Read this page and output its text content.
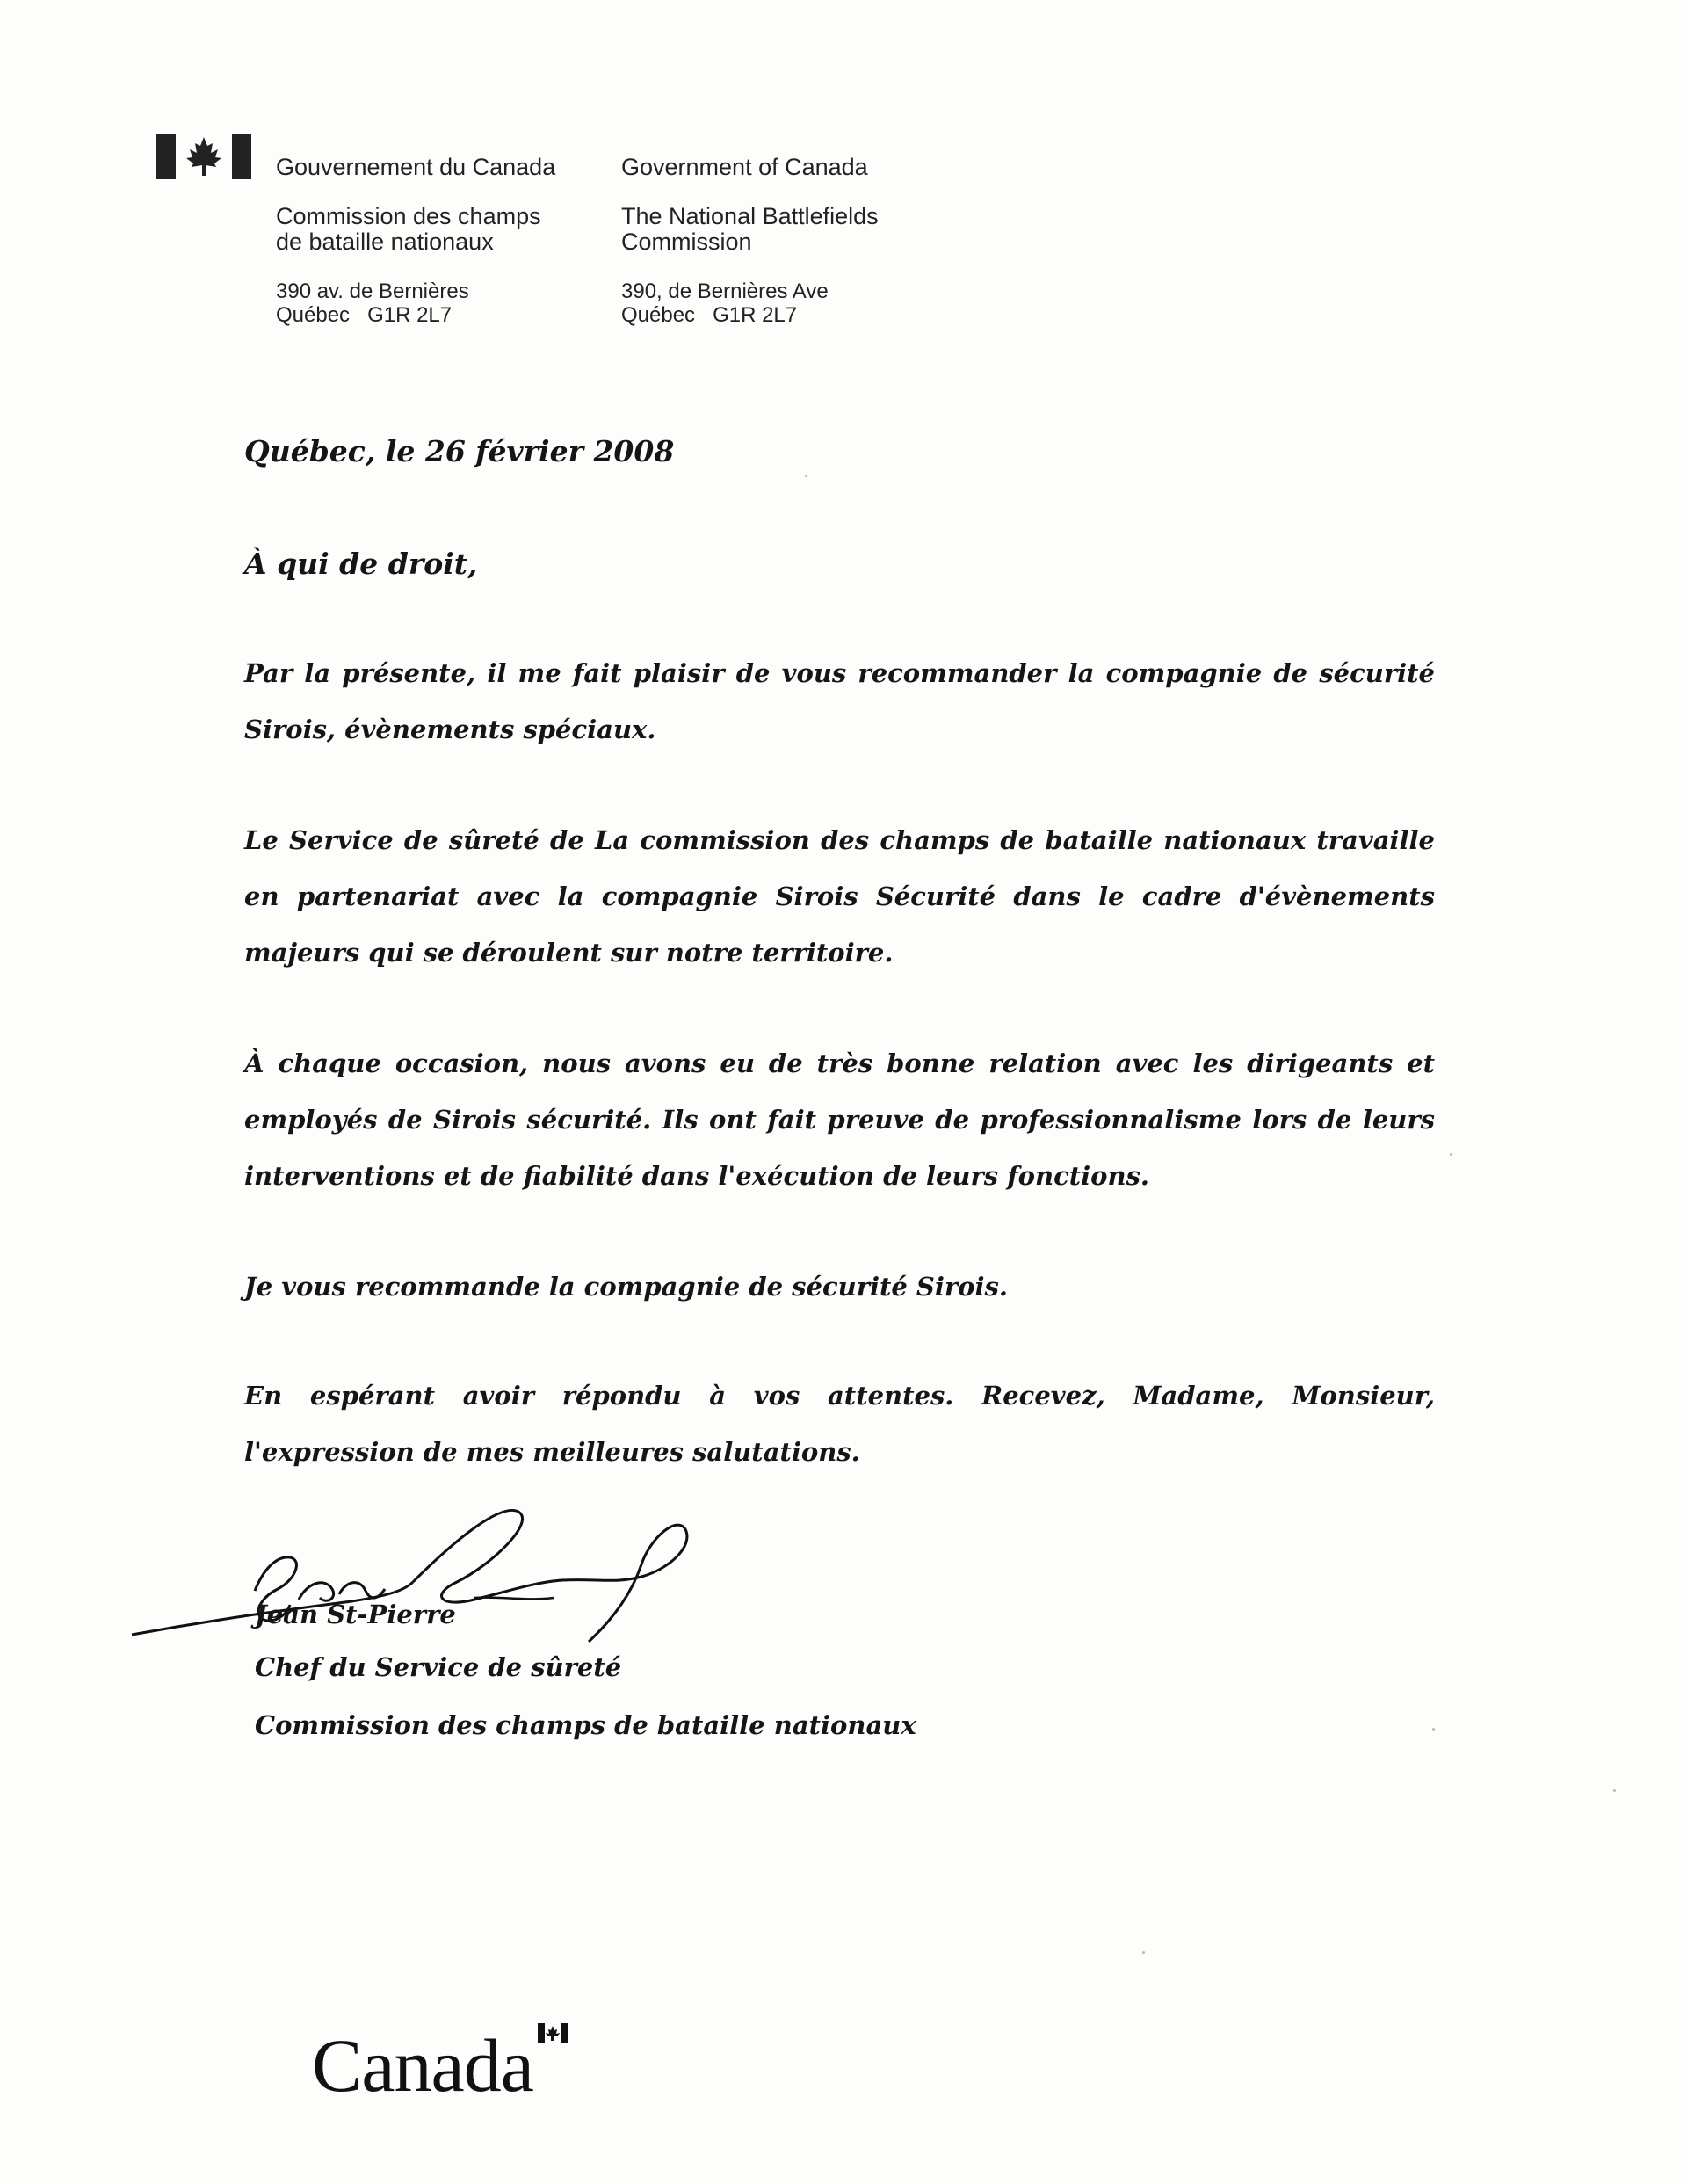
Gouvernement du Canada
Commission des champs
de bataille nationaux
390 av. de Bernières
Québec   G1R 2L7
Government of Canada
The National Battlefields
Commission
390, de Bernières Ave
Québec   G1R 2L7
Québec, le 26 février 2008
À qui de droit,
Par la présente, il me fait plaisir de vous recommander la compagnie de sécurité Sirois, évènements spéciaux.
Le Service de sûreté de La commission des champs de bataille nationaux travaille en partenariat avec la compagnie Sirois Sécurité dans le cadre d'évènements majeurs qui se déroulent sur notre territoire.
À chaque occasion, nous avons eu de très bonne relation avec les dirigeants et employés de Sirois sécurité. Ils ont fait preuve de professionnalisme lors de leurs interventions et de fiabilité dans l'exécution de leurs fonctions.
Je vous recommande la compagnie de sécurité Sirois.
En espérant avoir répondu à vos attentes. Recevez, Madame, Monsieur, l'expression de mes meilleures salutations.
Jean St-Pierre
Chef du Service de sûreté
Commission des champs de bataille nationaux
Canada
